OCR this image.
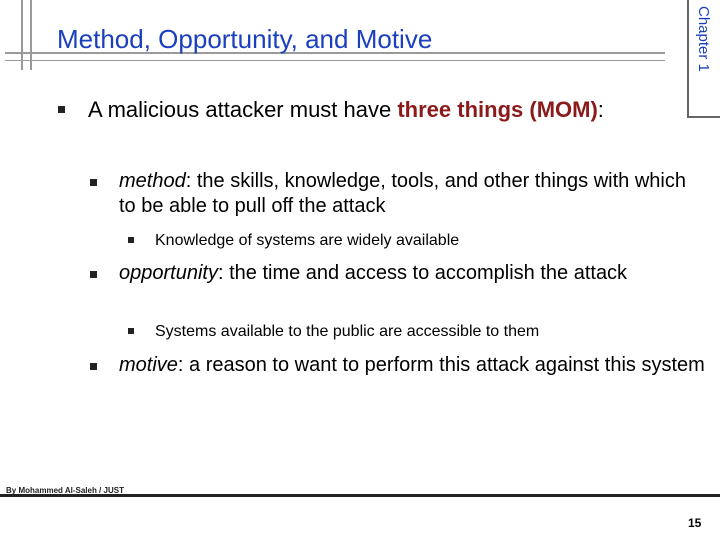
Method, Opportunity, and Motive	Chapter 1
A malicious attacker must have three things (MOM):
method: the skills, knowledge, tools, and other things with which to be able to pull off the attack
Knowledge of systems are widely available
opportunity: the time and access to accomplish the attack
Systems available to the public are accessible to them
motive: a reason to want to perform this attack against this system
By Mohammed Al-Saleh / JUST
15
